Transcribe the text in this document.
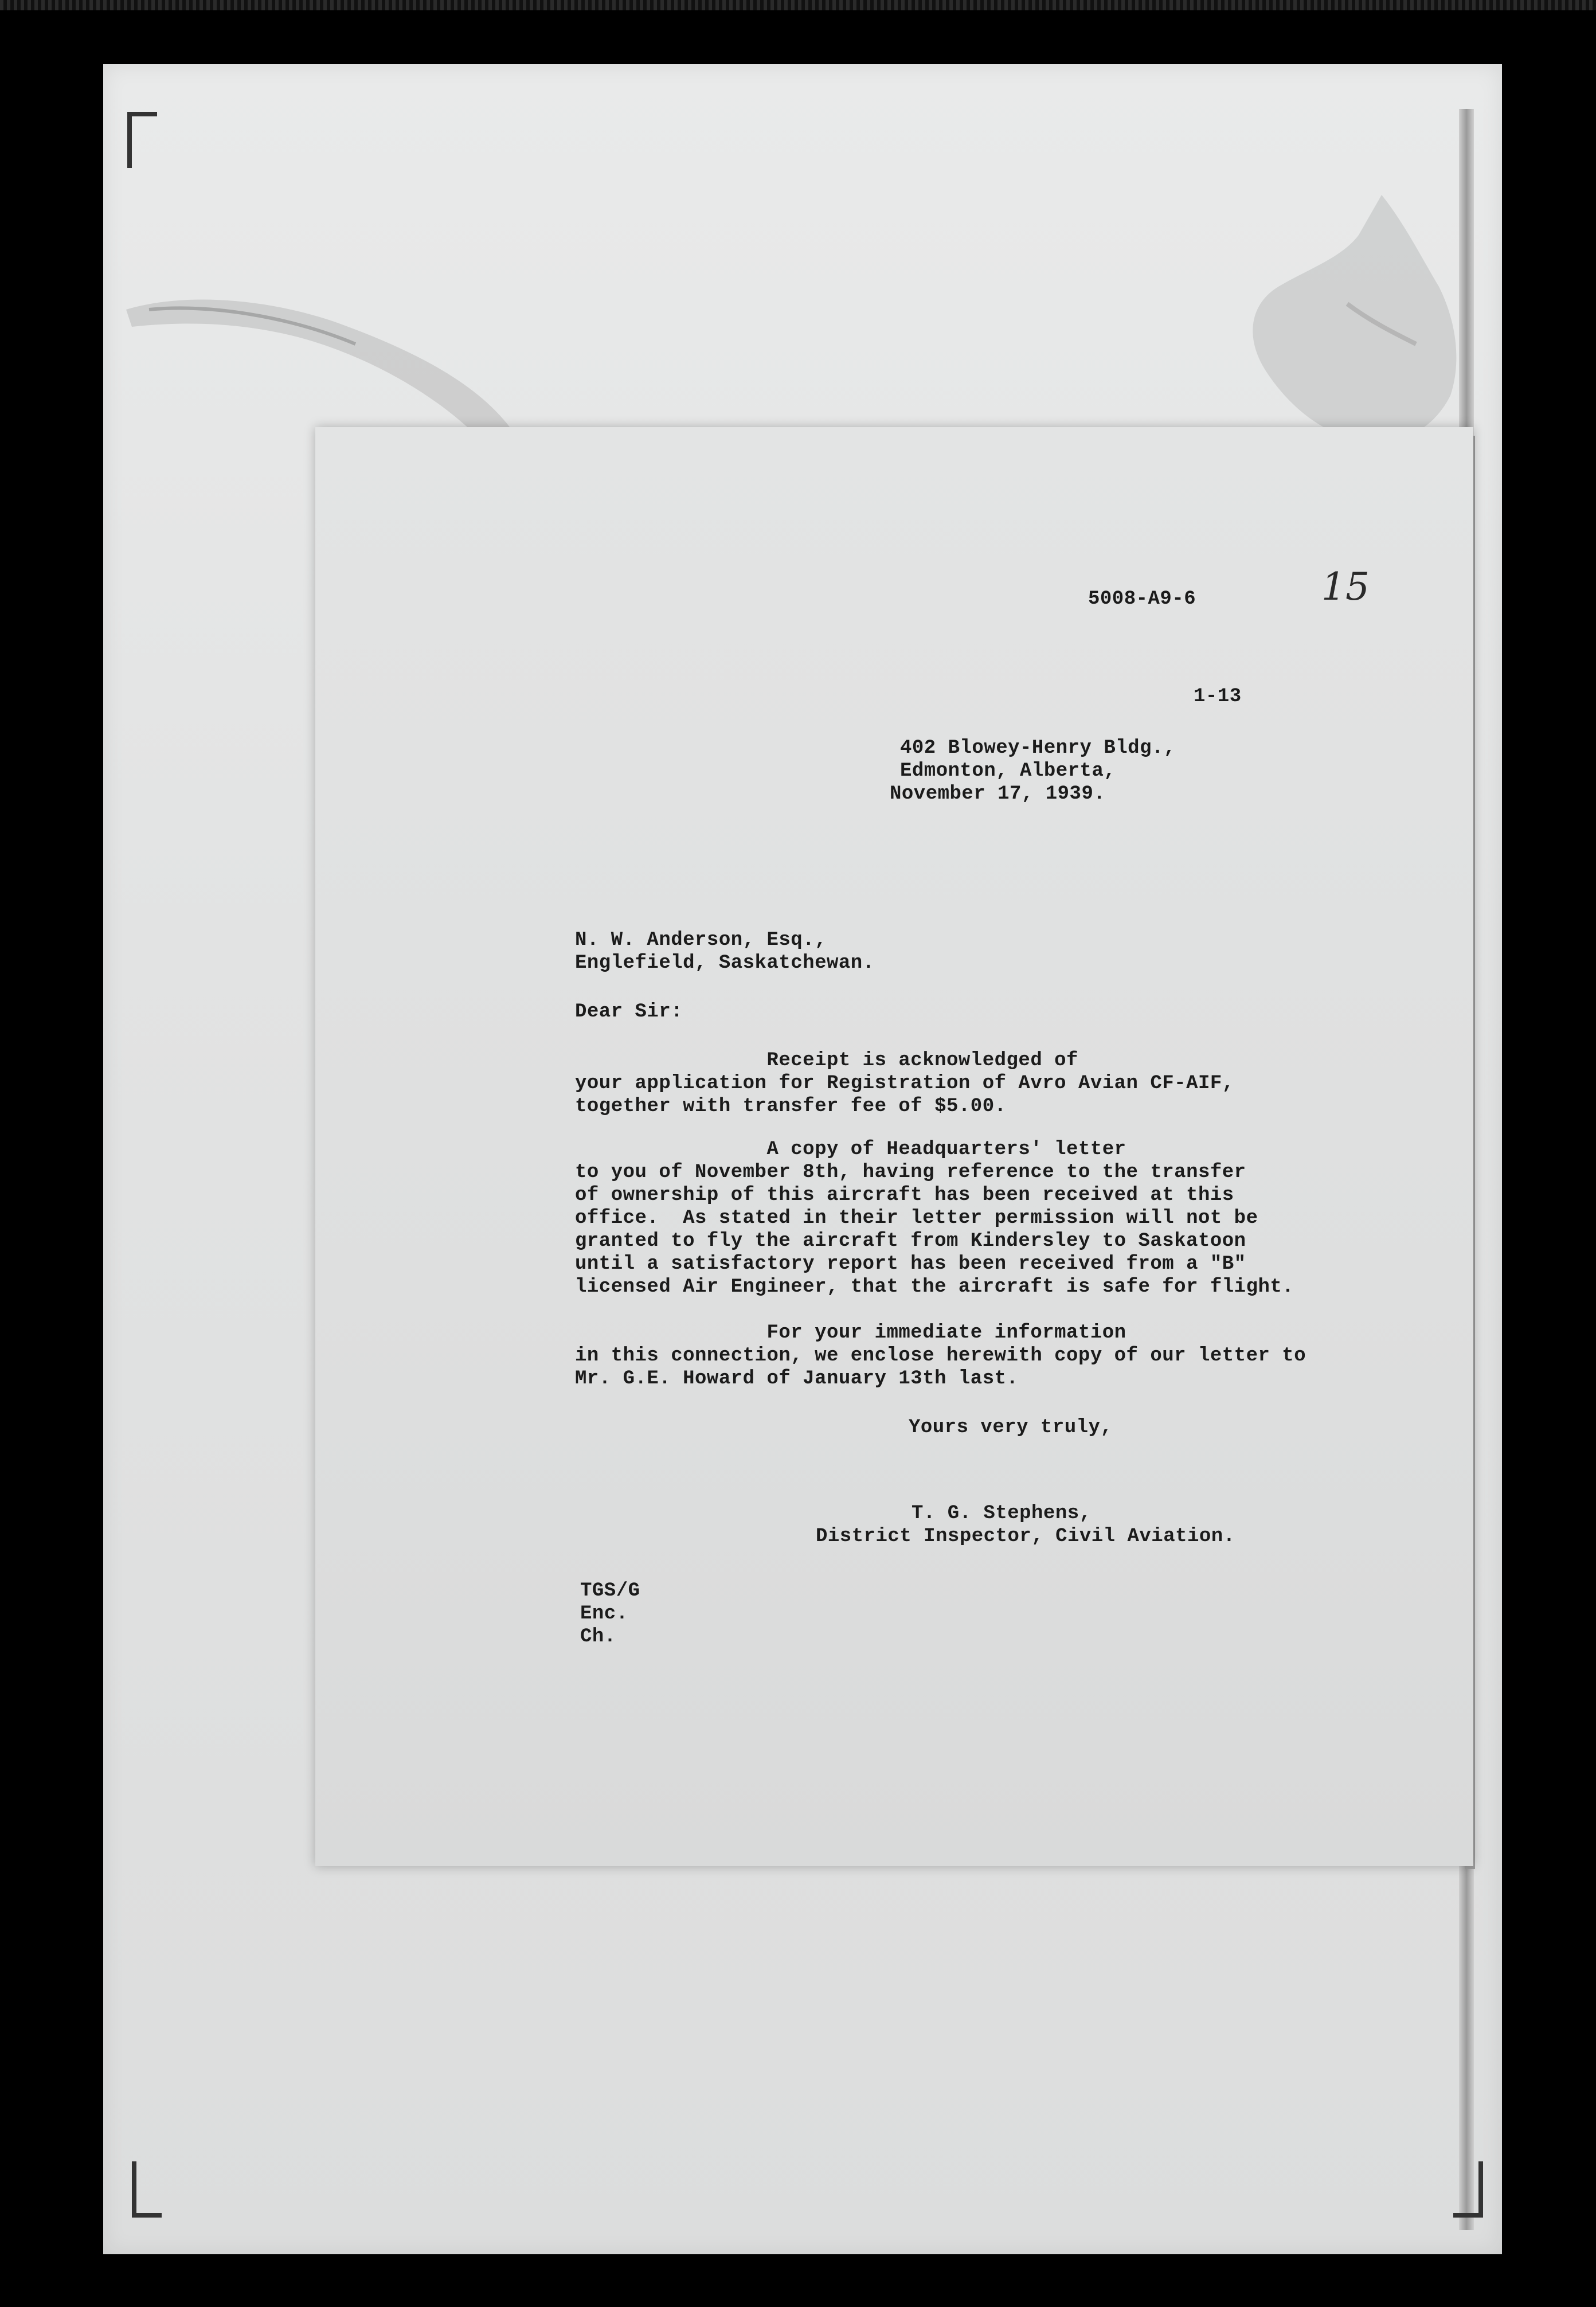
5008-A9-6	15
1-13
402 Blowey-Henry Bldg.,
Edmonton, Alberta,
November 17, 1939.
N. W. Anderson, Esq.,
Englefield, Saskatchewan.
Dear Sir:
Receipt is acknowledged of
your application for Registration of Avro Avian CF-AIF,
together with transfer fee of $5.00.
A copy of Headquarters' letter
to you of November 8th, having reference to the transfer
of ownership of this aircraft has been received at this
office.  As stated in their letter permission will not be
granted to fly the aircraft from Kindersley to Saskatoon
until a satisfactory report has been received from a "B"
licensed Air Engineer, that the aircraft is safe for flight.
For your immediate information
in this connection, we enclose herewith copy of our letter to
Mr. G.E. Howard of January 13th last.
Yours very truly,
T. G. Stephens,
District Inspector, Civil Aviation.
TGS/G
Enc.
Ch.
